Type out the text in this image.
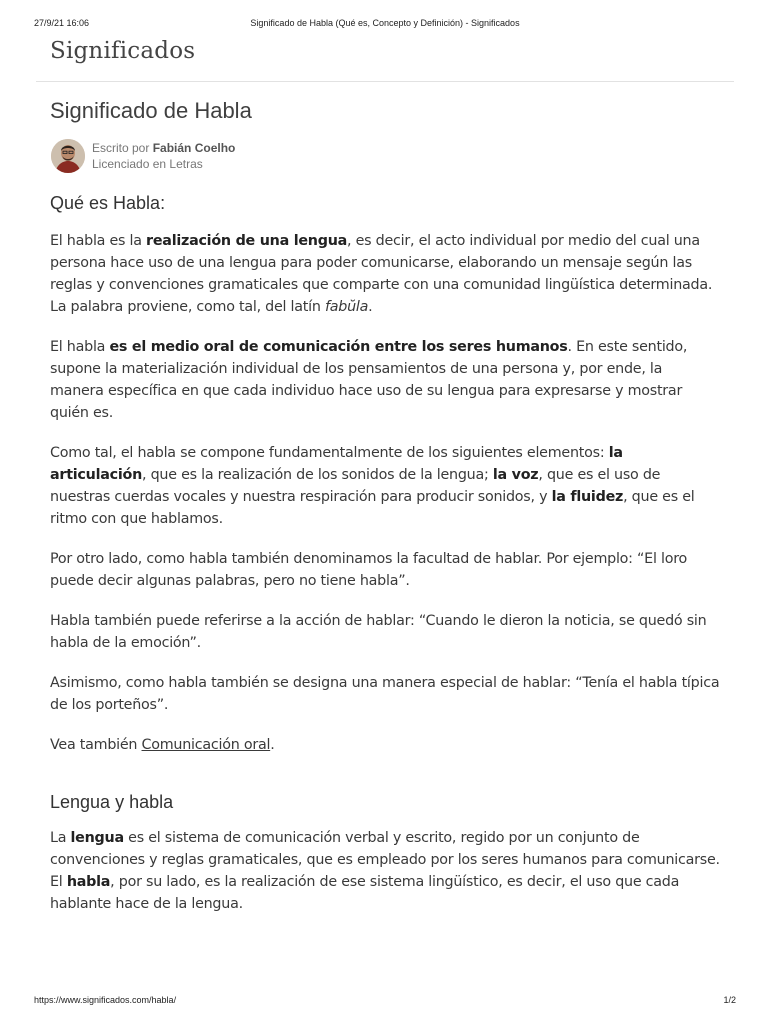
27/9/21 16:06	Significado de Habla (Qué es, Concepto y Definición) - Significados
Significados
Significado de Habla
Escrito por Fabián Coelho
Licenciado en Letras
Qué es Habla:

El habla es la realización de una lengua, es decir, el acto individual por medio del cual una persona hace uso de una lengua para poder comunicarse, elaborando un mensaje según las reglas y convenciones gramaticales que comparte con una comunidad lingüística determinada. La palabra proviene, como tal, del latín fabŭla.

El habla es el medio oral de comunicación entre los seres humanos. En este sentido, supone la materialización individual de los pensamientos de una persona y, por ende, la manera específica en que cada individuo hace uso de su lengua para expresarse y mostrar quién es.

Como tal, el habla se compone fundamentalmente de los siguientes elementos: la articulación, que es la realización de los sonidos de la lengua; la voz, que es el uso de nuestras cuerdas vocales y nuestra respiración para producir sonidos, y la fluidez, que es el ritmo con que hablamos.

Por otro lado, como habla también denominamos la facultad de hablar. Por ejemplo: “El loro puede decir algunas palabras, pero no tiene habla”.

Habla también puede referirse a la acción de hablar: “Cuando le dieron la noticia, se quedó sin habla de la emoción”.

Asimismo, como habla también se designa una manera especial de hablar: “Tenía el habla típica de los porteños”.

Vea también Comunicación oral.

Lengua y habla

La lengua es el sistema de comunicación verbal y escrito, regido por un conjunto de convenciones y reglas gramaticales, que es empleado por los seres humanos para comunicarse. El habla, por su lado, es la realización de ese sistema lingüístico, es decir, el uso que cada hablante hace de la lengua.

https://www.significados.com/habla/	1/2
